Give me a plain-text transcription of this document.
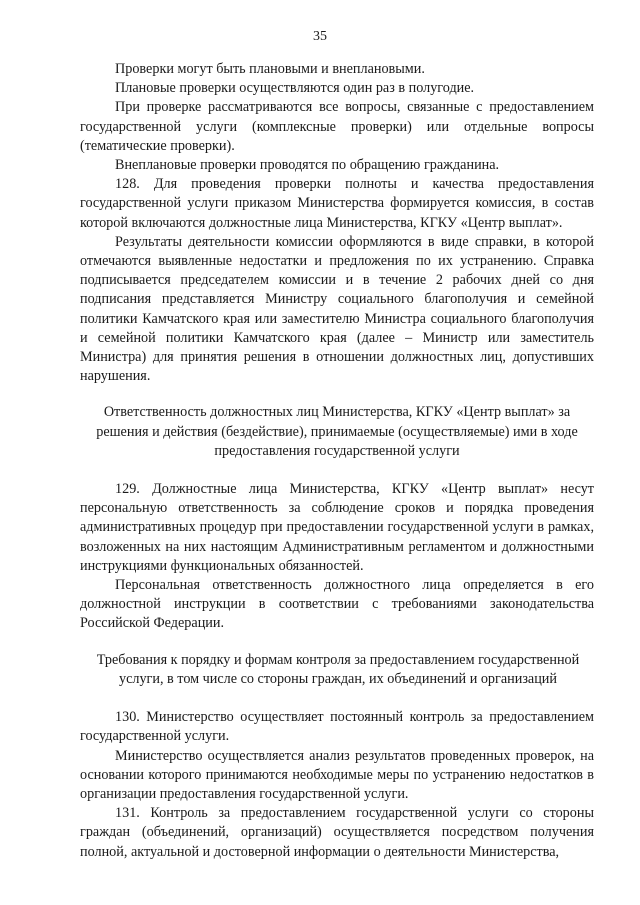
35

Проверки могут быть плановыми и внеплановыми.

Плановые проверки осуществляются один раз в полугодие.

При проверке рассматриваются все вопросы, связанные с предоставлением государственной услуги (комплексные проверки) или отдельные вопросы (тематические проверки).

Внеплановые проверки проводятся по обращению гражданина.

128. Для проведения проверки полноты и качества предоставления государственной услуги приказом Министерства формируется комиссия, в состав которой включаются должностные лица Министерства, КГКУ «Центр выплат».

Результаты деятельности комиссии оформляются в виде справки, в которой отмечаются выявленные недостатки и предложения по их устранению. Справка подписывается председателем комиссии и в течение 2 рабочих дней со дня подписания представляется Министру социального благополучия и семейной политики Камчатского края или заместителю Министра социального благополучия и семейной политики Камчатского края (далее – Министр или заместитель Министра) для принятия решения в отношении должностных лиц, допустивших нарушения.

Ответственность должностных лиц Министерства, КГКУ «Центр выплат» за решения и действия (бездействие), принимаемые (осуществляемые) ими в ходе предоставления государственной услуги

129. Должностные лица Министерства, КГКУ «Центр выплат» несут персональную ответственность за соблюдение сроков и порядка проведения административных процедур при предоставлении государственной услуги в рамках, возложенных на них настоящим Административным регламентом и должностными инструкциями функциональных обязанностей.

Персональная ответственность должностного лица определяется в его должностной инструкции в соответствии с требованиями законодательства Российской Федерации.

Требования к порядку и формам контроля за предоставлением государственной услуги, в том числе со стороны граждан, их объединений и организаций

130. Министерство осуществляет постоянный контроль за предоставлением государственной услуги.

Министерство осуществляется анализ результатов проведенных проверок, на основании которого принимаются необходимые меры по устранению недостатков в организации предоставления государственной услуги.

131. Контроль за предоставлением государственной услуги со стороны граждан (объединений, организаций) осуществляется посредством получения полной, актуальной и достоверной информации о деятельности Министерства,
